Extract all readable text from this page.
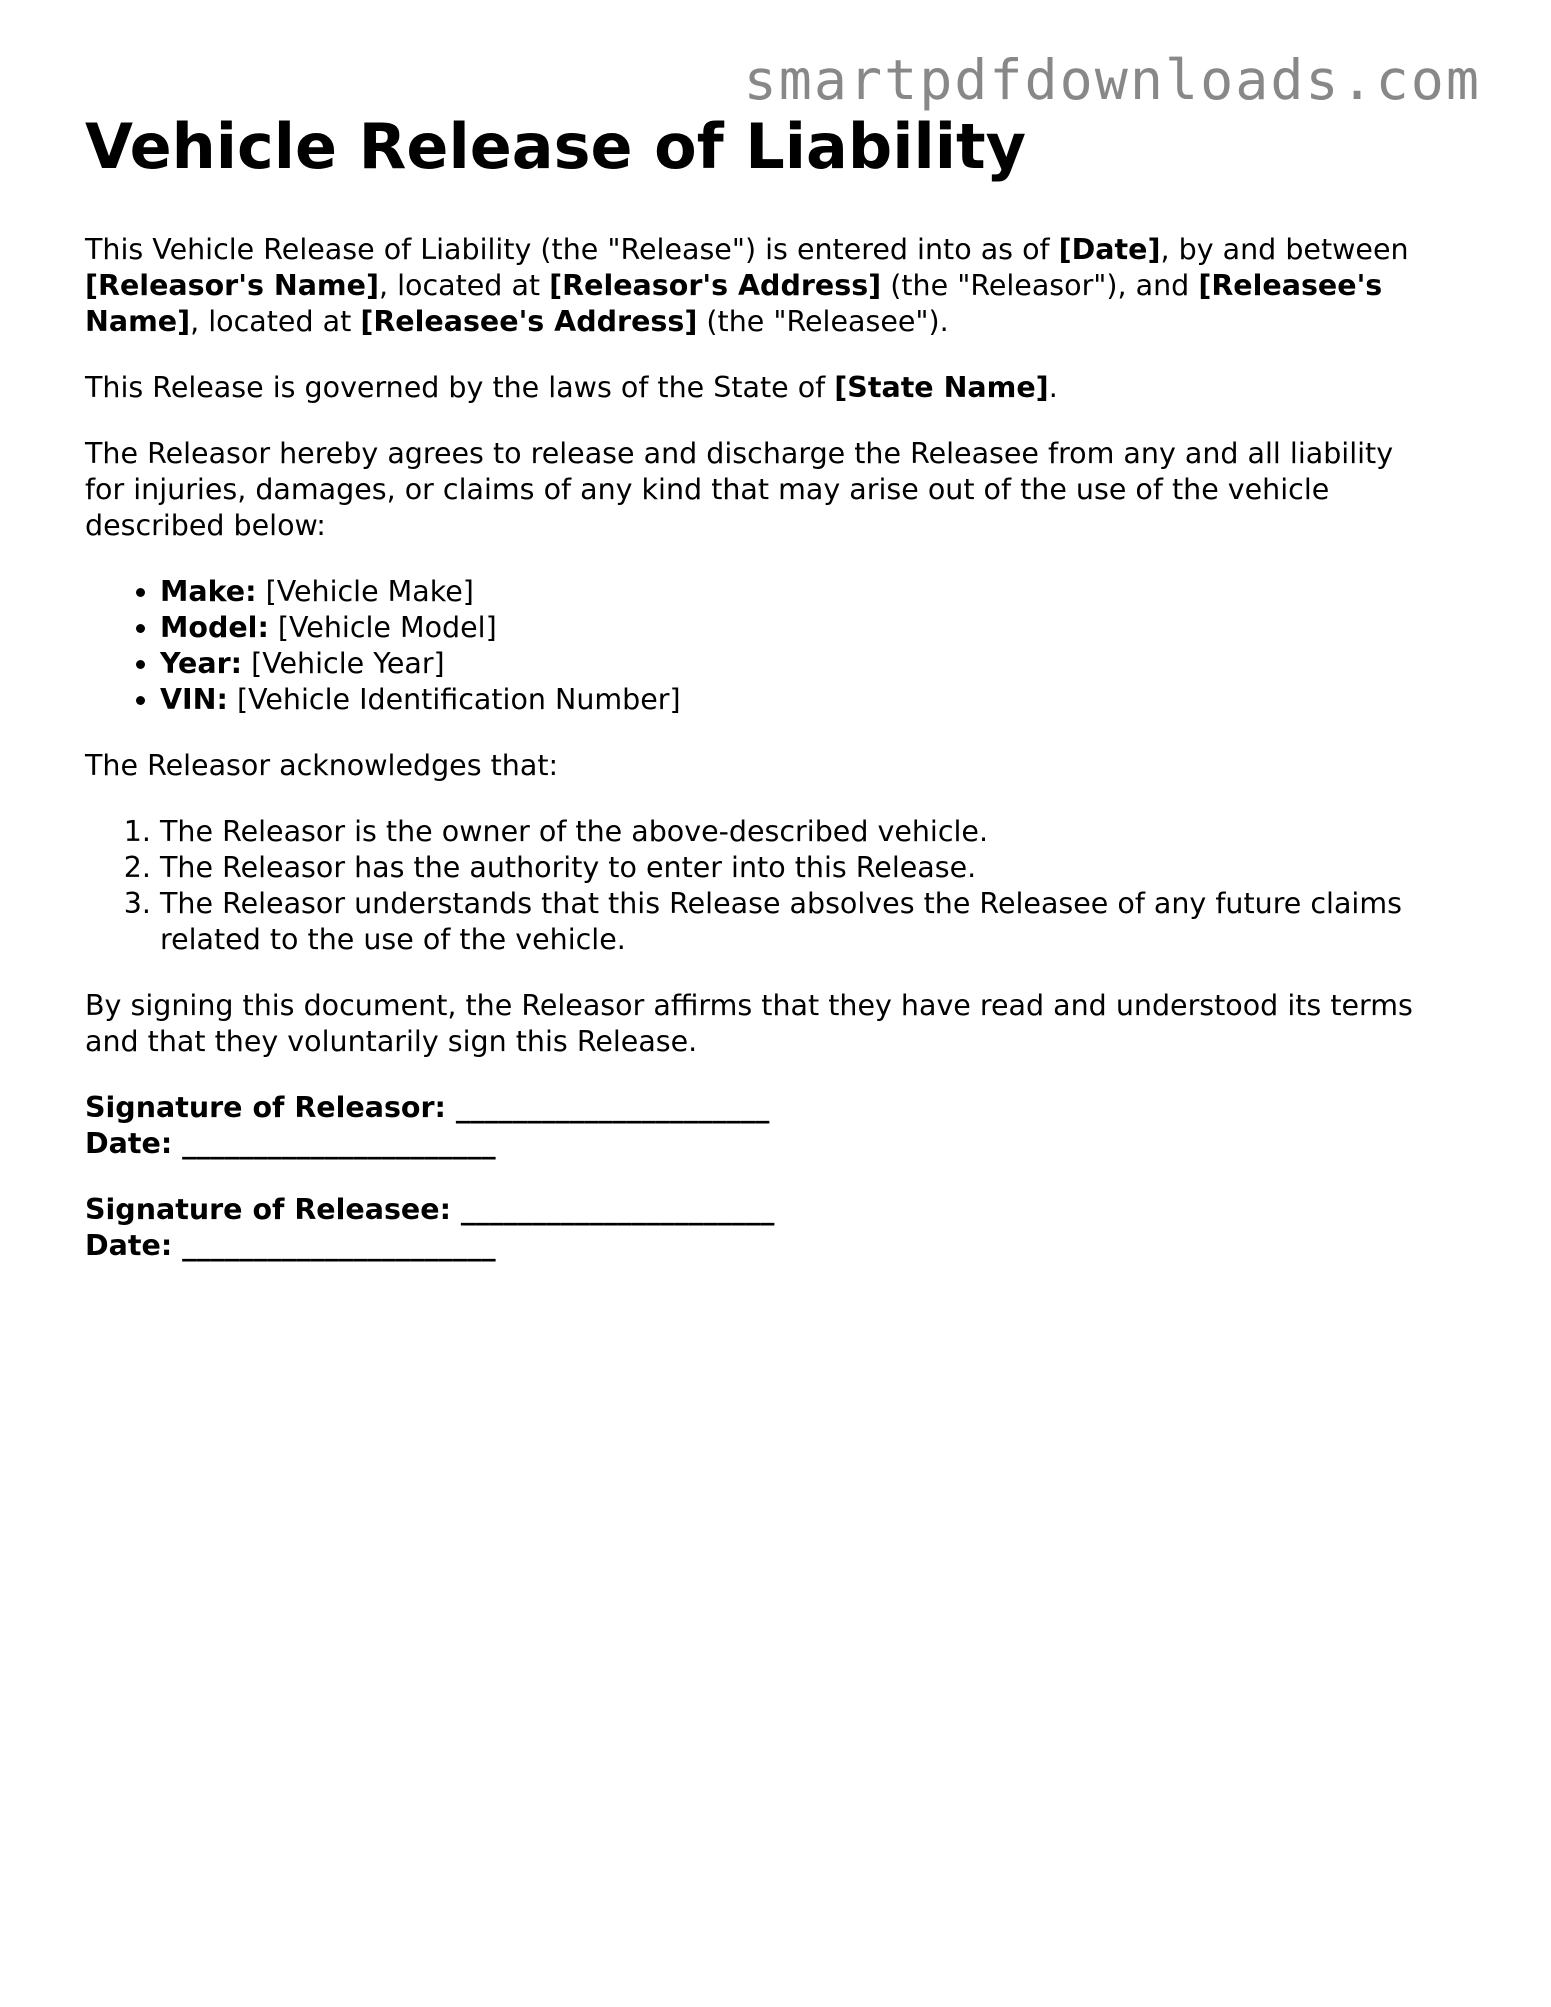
smartpdfdownloads.com
Vehicle Release of Liability

This Vehicle Release of Liability (the "Release") is entered into as of [Date], by and between [Releasor's Name], located at [Releasor's Address] (the "Releasor"), and [Releasee's Name], located at [Releasee's Address] (the "Releasee").

This Release is governed by the laws of the State of [State Name].

The Releasor hereby agrees to release and discharge the Releasee from any and all liability for injuries, damages, or claims of any kind that may arise out of the use of the vehicle described below:

• Make: [Vehicle Make]
• Model: [Vehicle Model]
• Year: [Vehicle Year]
• VIN: [Vehicle Identification Number]

The Releasor acknowledges that:

1. The Releasor is the owner of the above-described vehicle.
2. The Releasor has the authority to enter into this Release.
3. The Releasor understands that this Release absolves the Releasee of any future claims related to the use of the vehicle.

By signing this document, the Releasor affirms that they have read and understood its terms and that they voluntarily sign this Release.

Signature of Releasor: ______________________
Date: ______________________
Signature of Releasee: ______________________
Date: ______________________
